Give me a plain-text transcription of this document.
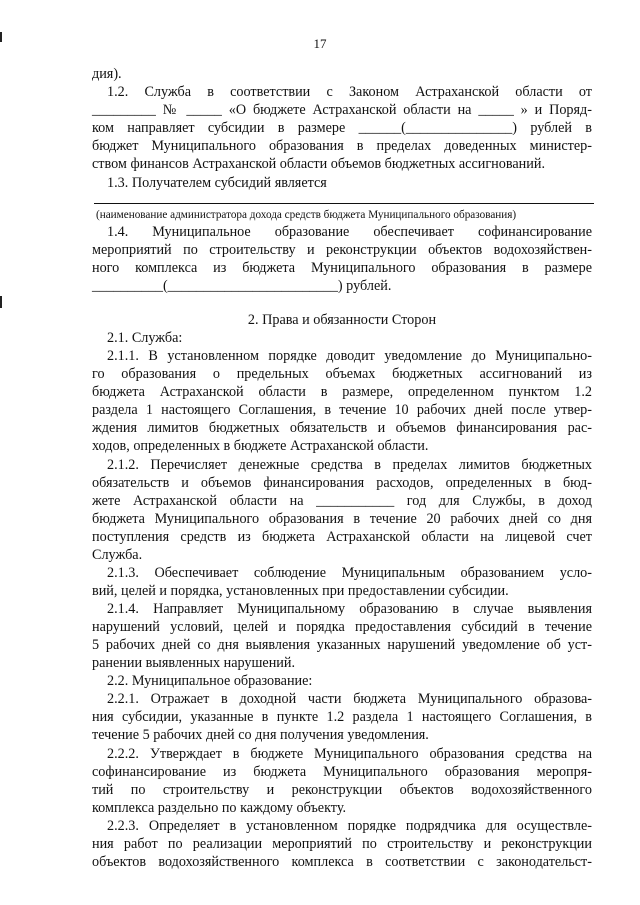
17
дия).
1.2. Служба в соответствии с Законом Астраханской области от
_________ № _____ «О бюджете Астраханской области на _____ » и Поряд-
ком направляет субсидии в размере ______(_______________) рублей в
бюджет Муниципального образования в пределах доведенных министер-
ством финансов Астраханской области объемов бюджетных ассигнований.
1.3. Получателем субсидий является
(наименование администратора дохода средств бюджета Муниципального образования)
1.4. Муниципальное образование обеспечивает софинансирование
мероприятий по строительству и реконструкции объектов водохозяйствен-
ного комплекса из бюджета Муниципального образования в размере
__________(________________________) рублей.
2. Права и обязанности Сторон
2.1. Служба:
2.1.1. В установленном порядке доводит уведомление до Муниципально-
го образования о предельных объемах бюджетных ассигнований из
бюджета Астраханской области в размере, определенном пунктом 1.2
раздела 1 настоящего Соглашения, в течение 10 рабочих дней после утвер-
ждения лимитов бюджетных обязательств и объемов финансирования рас-
ходов, определенных в бюджете Астраханской области.
2.1.2. Перечисляет денежные средства в пределах лимитов бюджетных
обязательств и объемов финансирования расходов, определенных в бюд-
жете Астраханской области на ___________ год для Службы, в доход
бюджета Муниципального образования в течение 20 рабочих дней со дня
поступления средств из бюджета Астраханской области на лицевой счет
Служба.
2.1.3. Обеспечивает соблюдение Муниципальным образованием усло-
вий, целей и порядка, установленных при предоставлении субсидии.
2.1.4. Направляет Муниципальному образованию в случае выявления
нарушений условий, целей и порядка предоставления субсидий в течение
5 рабочих дней со дня выявления указанных нарушений уведомление об уст-
ранении выявленных нарушений.
2.2. Муниципальное образование:
2.2.1. Отражает в доходной части бюджета Муниципального образова-
ния субсидии, указанные в пункте 1.2 раздела 1 настоящего Соглашения, в
течение 5 рабочих дней со дня получения уведомления.
2.2.2. Утверждает в бюджете Муниципального образования средства на
софинансирование из бюджета Муниципального образования меропря-
тий по строительству и реконструкции объектов водохозяйственного
комплекса раздельно по каждому объекту.
2.2.3. Определяет в установленном порядке подрядчика для осуществле-
ния работ по реализации мероприятий по строительству и реконструкции
объектов водохозяйственного комплекса в соответствии с законодательст-
